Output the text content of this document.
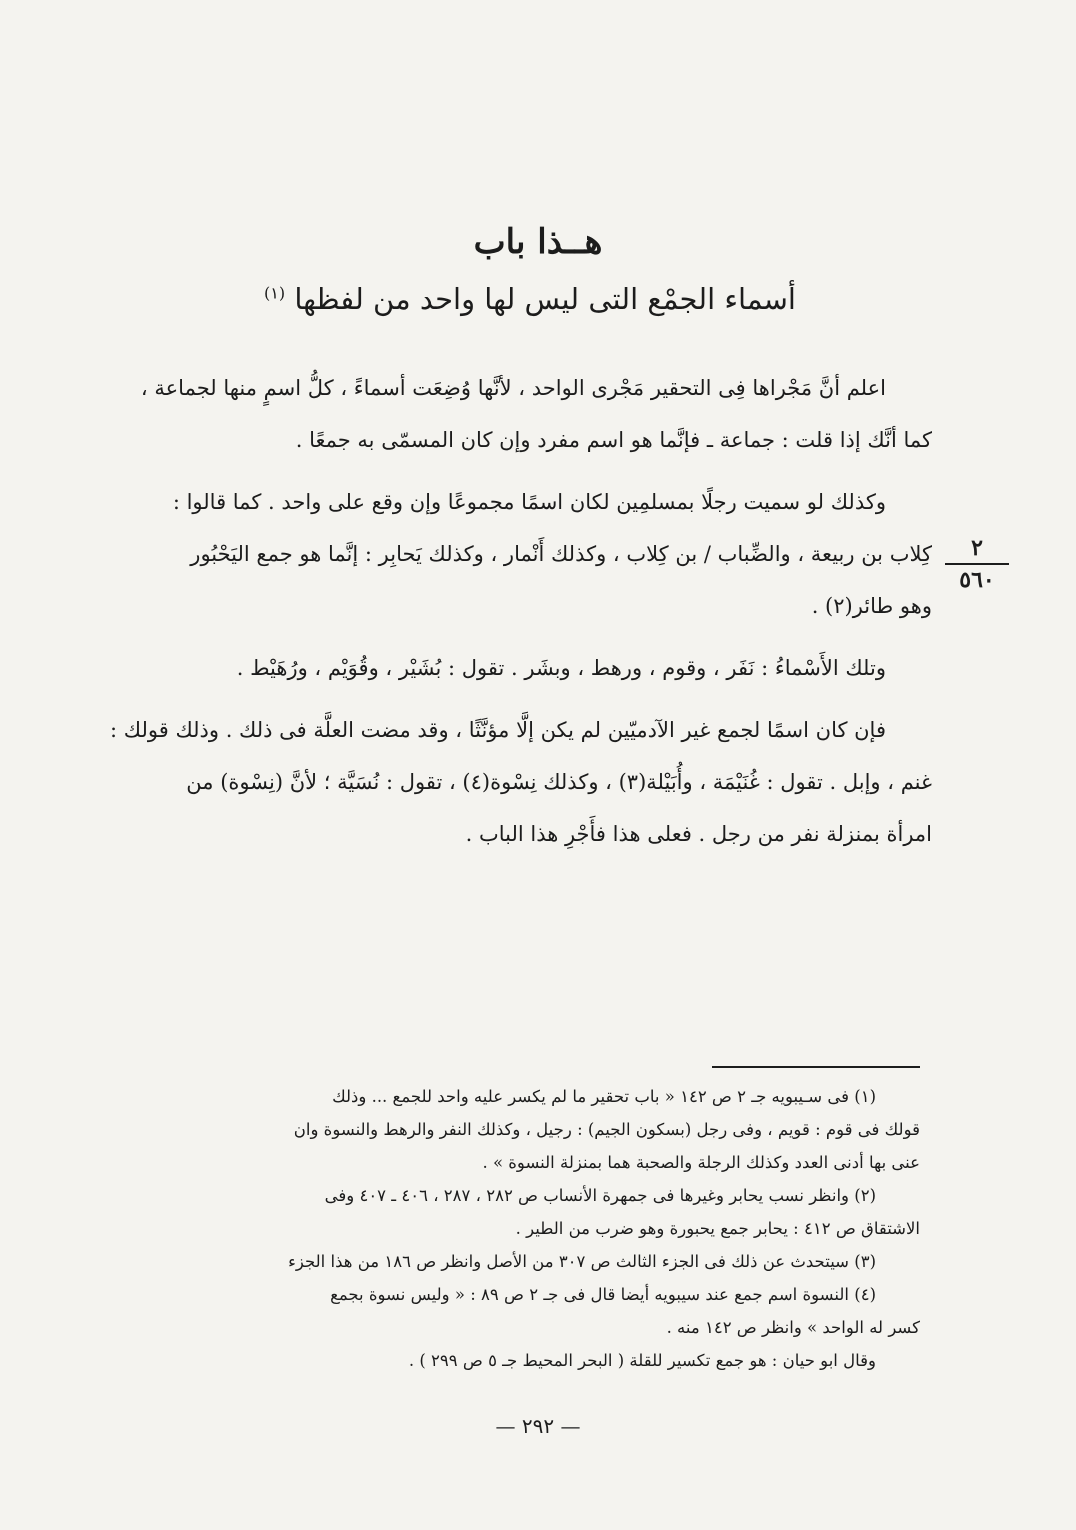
هــذا باب
أسماء الجمْع التى ليس لها واحد من لفظها $^{(١)}$
اعلم أنَّ مَجْراها فِى التحقير مَجْرى الواحد ، لأنَّها وُضِعَت أسماءً ، كلُّ اسمٍ منها لجماعة ،
كما أنَّك إذا قلت : جماعة ـ فإنَّما هو اسم مفرد وإن كان المسمّى به جمعًا .
وكذلك لو سميت رجلًا بمسلمِين لكان اسمًا مجموعًا وإن وقع على واحد . كما قالوا :
كِلاب بن ربيعة ، والضِّباب / بن كِلاب ، وكذلك أَنْمار ، وكذلك يَحابِر : إنَّما هو جمع اليَحْبُور
وهو طائر(٢) .
وتلك الأَسْماءُ : نَفَر ، وقوم ، ورهط ، وبشَر . تقول : بُشَيْر ، وقُوَيْم ، ورُهَيْط .
فإن كان اسمًا لجمع غير الآدميّين لم يكن إلَّا مؤنَّثًا ، وقد مضت العلَّة فى ذلك . وذلك قولك :
غنم ، وإبل . تقول : غُنَيْمَة ، وأُبَيْلة(٣) ، وكذلك نِسْوة(٤) ، تقول : نُسَيَّة ؛ لأنَّ (نِسْوة) من
امرأة بمنزلة نفر من رجل . فعلى هذا فأَجْرِ هذا الباب .
٢
٥٦٠
(١) فى سـيبويه جـ ٢ ص ١٤٢ « باب تحقير ما لم يكسر عليه واحد للجمع ... وذلك
قولك فى قوم : قويم ، وفى رجل (بسكون الجيم) : رجيل ، وكذلك النفر والرهط والنسوة وان
عنى بها أدنى العدد وكذلك الرجلة والصحبة هما بمنزلة النسوة » .
(٢) وانظر نسب يحابر وغيرها فى جمهرة الأنساب ص ٢٨٢ ، ٢٨٧ ، ٤٠٦ ـ ٤٠٧ وفى
الاشتقاق ص ٤١٢ : يحابر جمع يحبورة وهو ضرب من الطير .
(٣) سيتحدث عن ذلك فى الجزء الثالث ص ٣٠٧ من الأصل وانظر ص ١٨٦ من هذا الجزء
(٤) النسوة اسم جمع عند سيبويه أيضا قال فى جـ ٢ ص ٨٩ : « وليس نسوة بجمع
كسر له الواحد » وانظر ص ١٤٢ منه .
وقال ابو حيان : هو جمع تكسير للقلة ( البحر المحيط جـ ٥ ص ٢٩٩ ) .
— ٢٩٢ —
